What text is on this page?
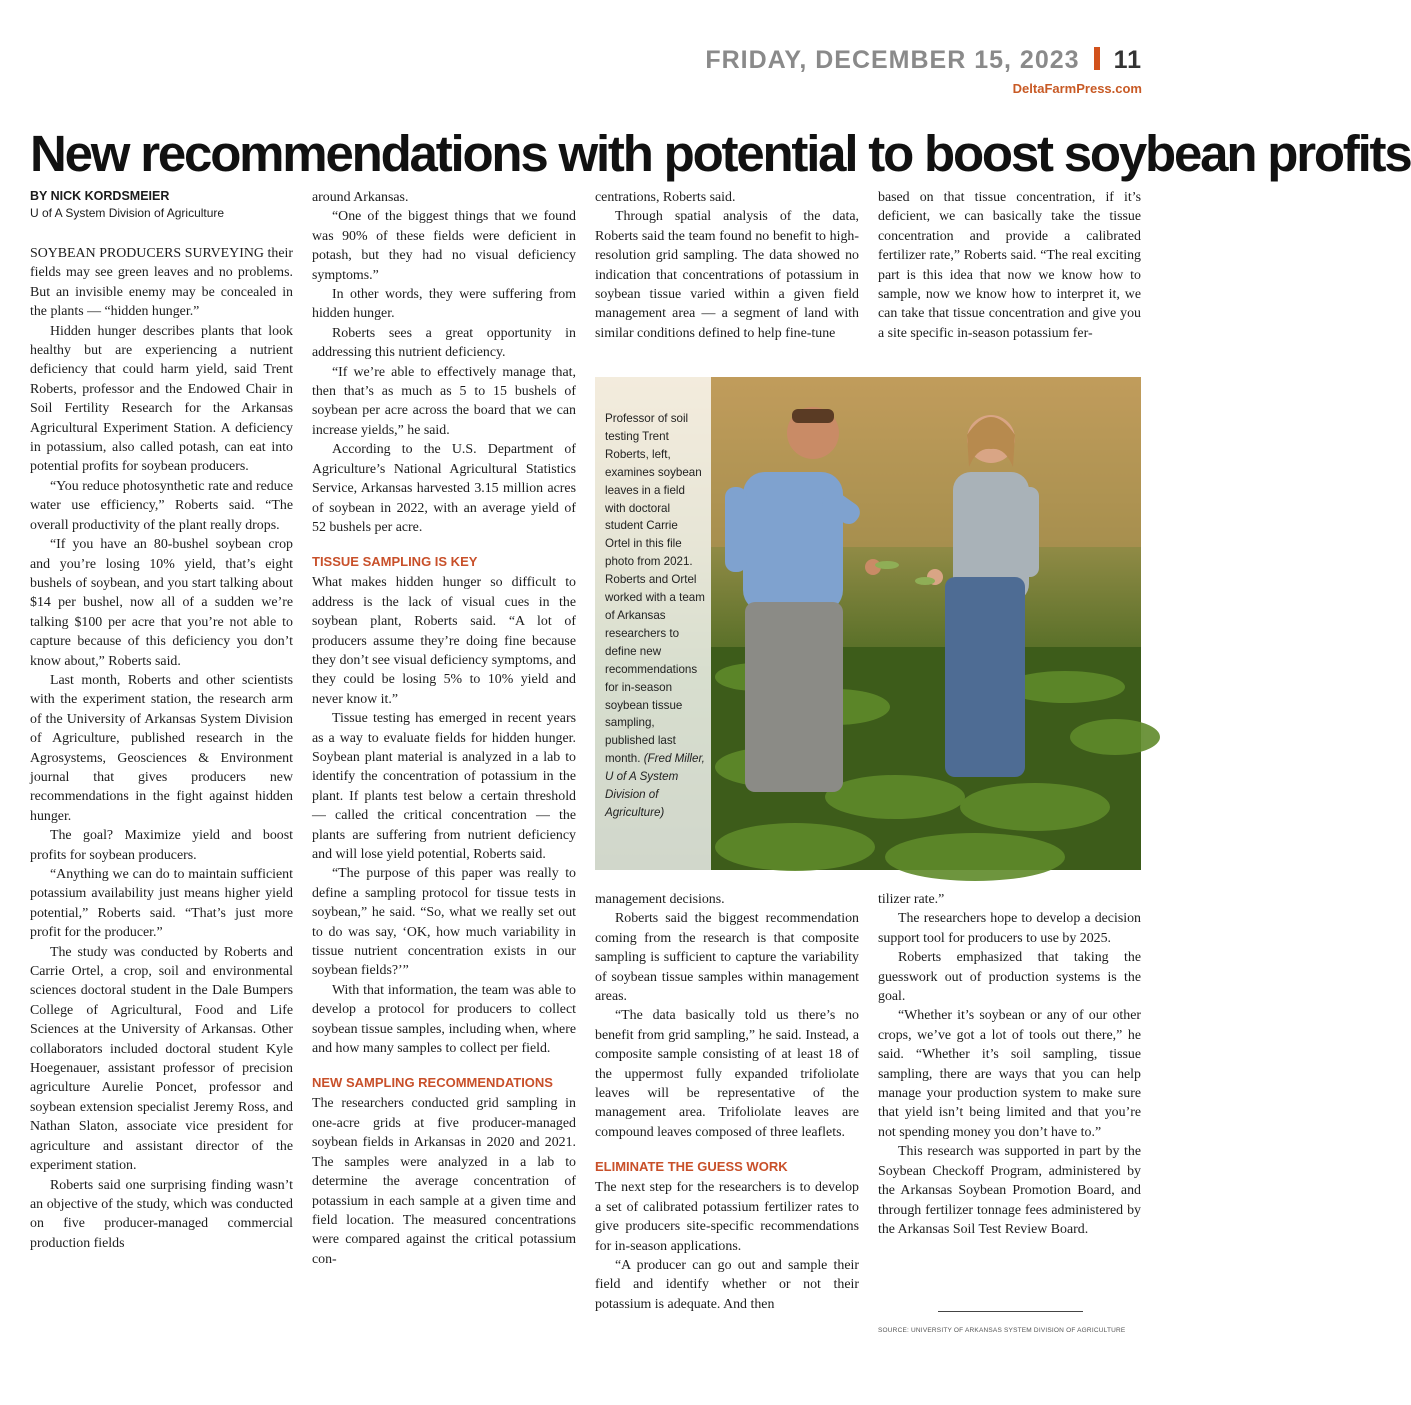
FRIDAY, DECEMBER 15, 2023 11
DeltaFarmPress.com
New recommendations with potential to boost soybean profits
BY NICK KORDSMEIER
U of A System Division of Agriculture

SOYBEAN PRODUCERS SURVEYING their fields may see green leaves and no problems. But an invisible enemy may be concealed in the plants — “hidden hunger.”

Hidden hunger describes plants that look healthy but are experiencing a nutrient deficiency that could harm yield, said Trent Roberts, professor and the Endowed Chair in Soil Fertility Research for the Arkansas Agricultural Experiment Station. A deficiency in potassium, also called potash, can eat into potential profits for soybean producers.

“You reduce photosynthetic rate and reduce water use efficiency,” Roberts said. “The overall productivity of the plant really drops.

“If you have an 80-bushel soybean crop and you’re losing 10% yield, that’s eight bushels of soybean, and you start talking about $14 per bushel, now all of a sudden we’re talking $100 per acre that you’re not able to capture because of this deficiency you don’t know about,” Roberts said.

Last month, Roberts and other scientists with the experiment station, the research arm of the University of Arkansas System Division of Agriculture, published research in the Agrosystems, Geosciences & Environment journal that gives producers new recommendations in the fight against hidden hunger.

The goal? Maximize yield and boost profits for soybean producers.

“Anything we can do to maintain sufficient potassium availability just means higher yield potential,” Roberts said. “That’s just more profit for the producer.”

The study was conducted by Roberts and Carrie Ortel, a crop, soil and environmental sciences doctoral student in the Dale Bumpers College of Agricultural, Food and Life Sciences at the University of Arkansas. Other collaborators included doctoral student Kyle Hoegenauer, assistant professor of precision agriculture Aurelie Poncet, professor and soybean extension specialist Jeremy Ross, and Nathan Slaton, associate vice president for agriculture and assistant director of the experiment station.

Roberts said one surprising finding wasn’t an objective of the study, which was conducted on five producer-managed commercial production fields

around Arkansas.

“One of the biggest things that we found was 90% of these fields were deficient in potash, but they had no visual deficiency symptoms.”

In other words, they were suffering from hidden hunger.

Roberts sees a great opportunity in addressing this nutrient deficiency.

“If we’re able to effectively manage that, then that’s as much as 5 to 15 bushels of soybean per acre across the board that we can increase yields,” he said.

According to the U.S. Department of Agriculture’s National Agricultural Statistics Service, Arkansas harvested 3.15 million acres of soybean in 2022, with an average yield of 52 bushels per acre.

TISSUE SAMPLING IS KEY

What makes hidden hunger so difficult to address is the lack of visual cues in the soybean plant, Roberts said. “A lot of producers assume they’re doing fine because they don’t see visual deficiency symptoms, and they could be losing 5% to 10% yield and never know it.”

Tissue testing has emerged in recent years as a way to evaluate fields for hidden hunger. Soybean plant material is analyzed in a lab to identify the concentration of potassium in the plant. If plants test below a certain threshold — called the critical concentration — the plants are suffering from nutrient deficiency and will lose yield potential, Roberts said.

“The purpose of this paper was really to define a sampling protocol for tissue tests in soybean,” he said. “So, what we really set out to do was say, ‘OK, how much variability in tissue nutrient concentration exists in our soybean fields?’”

With that information, the team was able to develop a protocol for producers to collect soybean tissue samples, including when, where and how many samples to collect per field.

NEW SAMPLING RECOMMENDATIONS

The researchers conducted grid sampling in one-acre grids at five producer-managed soybean fields in Arkansas in 2020 and 2021. The samples were analyzed in a lab to determine the average concentration of potassium in each sample at a given time and field location. The measured concentrations were compared against the critical potassium con-

centrations, Roberts said.

Through spatial analysis of the data, Roberts said the team found no benefit to high-resolution grid sampling. The data showed no indication that concentrations of potassium in soybean tissue varied within a given field management area — a segment of land with similar conditions defined to help fine-tune

based on that tissue concentration, if it’s deficient, we can basically take the tissue concentration and provide a calibrated fertilizer rate,” Roberts said. “The real exciting part is this idea that now we know how to sample, now we know how to interpret it, we can take that tissue concentration and give you a site specific in-season potassium fer-

Professor of soil testing Trent Roberts, left, examines soybean leaves in a field with doctoral student Carrie Ortel in this file photo from 2021. Roberts and Ortel worked with a team of Arkansas researchers to define new recommendations for in-season soybean tissue sampling, published last month. (Fred Miller, U of A System Division of Agriculture)

management decisions.

Roberts said the biggest recommendation coming from the research is that composite sampling is sufficient to capture the variability of soybean tissue samples within management areas.

“The data basically told us there’s no benefit from grid sampling,” he said. Instead, a composite sample consisting of at least 18 of the uppermost fully expanded trifoliolate leaves will be representative of the management area. Trifoliolate leaves are compound leaves composed of three leaflets.

ELIMINATE THE GUESS WORK

The next step for the researchers is to develop a set of calibrated potassium fertilizer rates to give producers site-specific recommendations for in-season applications.

“A producer can go out and sample their field and identify whether or not their potassium is adequate. And then

tilizer rate.”

The researchers hope to develop a decision support tool for producers to use by 2025.

Roberts emphasized that taking the guesswork out of production systems is the goal.

“Whether it’s soybean or any of our other crops, we’ve got a lot of tools out there,” he said. “Whether it’s soil sampling, tissue sampling, there are ways that you can help manage your production system to make sure that yield isn’t being limited and that you’re not spending money you don’t have to.”

This research was supported in part by the Soybean Checkoff Program, administered by the Arkansas Soybean Promotion Board, and through fertilizer tonnage fees administered by the Arkansas Soil Test Review Board.

SOURCE: UNIVERSITY OF ARKANSAS SYSTEM DIVISION OF AGRICULTURE
